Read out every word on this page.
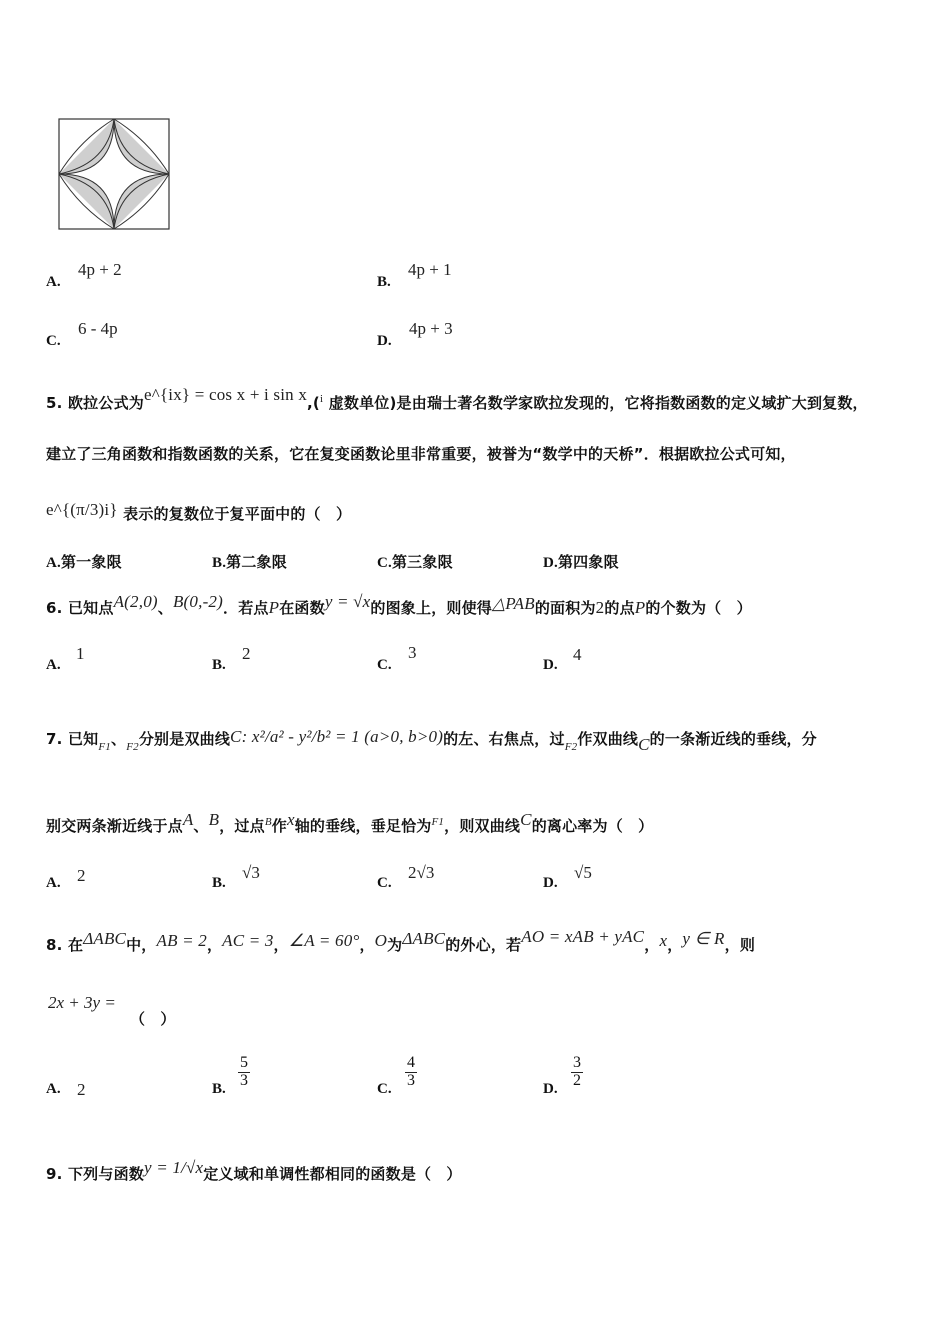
A.
4p + 2
B.
4p + 1
C.
6 - 4p
D.
4p + 3
5. 欧拉公式为e^{ix} = cos x + i sin x,($^i$ 虚数单位)是由瑞士著名数学家欧拉发现的，它将指数函数的定义域扩大到复数，
建立了三角函数和指数函数的关系，它在复变函数论里非常重要，被誉为“数学中的天桥”．根据欧拉公式可知，
e^{(π/3)i} 表示的复数位于复平面中的（　）
A.第一象限	B.第二象限	C.第三象限	D.第四象限
6. 已知点A(2,0)、B(0,-2)．若点P在函数y = √x的图象上，则使得△PAB的面积为2的点P的个数为（　）
A.
1
B.
2
C.
3
D.
4
7. 已知$_{F1}$、$_{F2}$分别是双曲线C: x²/a² - y²/b² = 1 (a>0, b>0)的左、右焦点，过$_{F2}$作双曲线C的一条渐近线的垂线，分
别交两条渐近线于点A、B，过点$^B$作x轴的垂线，垂足恰为$^{F1}$，则双曲线C的离心率为（　）
A. 2	B.
√3
C.
2√3
D.
√5
8. 在ΔABC中，AB = 2，AC = 3，∠A = 60°，O为ΔABC的外心，若AO = xAB + yAC，x，y ∈ R，则
2x + 3y =
（　）
A. 2	B. $\frac{5}{3}$	C. $\frac{4}{3}$	D. $\frac{3}{2}$
9. 下列与函数y = 1/√x定义域和单调性都相同的函数是（　）
